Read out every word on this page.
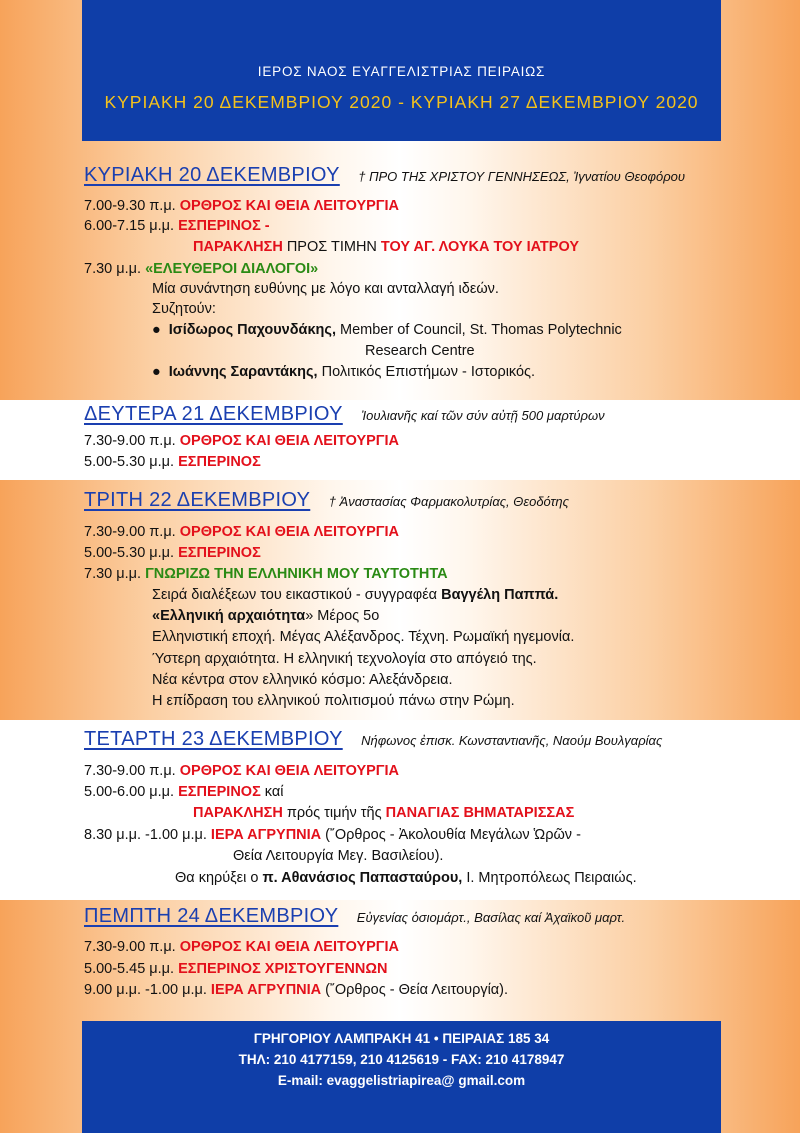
ΙΕΡΟΣ ΝΑΟΣ ΕΥΑΓΓΕΛΙΣΤΡΙΑΣ ΠΕΙΡΑΙΩΣ
ΚΥΡΙΑΚΗ 20 ΔΕΚΕΜΒΡΙΟΥ 2020 - ΚΥΡΙΑΚΗ 27 ΔΕΚΕΜΒΡΙΟΥ 2020
ΚΥΡΙΑΚΗ 20 ΔΕΚΕΜΒΡΙΟΥ † ΠΡΟ ΤΗΣ ΧΡΙΣΤΟΥ ΓΕΝΝΗΣΕΩΣ, Ἰγνατίου Θεοφόρου
7.00-9.30 π.μ. ΟΡΘΡΟΣ ΚΑΙ ΘΕΙΑ ΛΕΙΤΟΥΡΓΙΑ
6.00-7.15 μ.μ. ΕΣΠΕΡΙΝΟΣ -
ΠΑΡΑΚΛΗΣΗ ΠΡΟΣ ΤΙΜΗΝ ΤΟΥ ΑΓ. ΛΟΥΚΑ ΤΟΥ ΙΑΤΡΟΥ
7.30 μ.μ. «ΕΛΕΥΘΕΡΟΙ ΔΙΑΛΟΓΟΙ»
Μία συνάντηση ευθύνης με λόγο και ανταλλαγή ιδεών.
Συζητούν:
● Ισίδωρος Παχουνδάκης, Member of Council, St. Thomas Polytechnic
Research Centre
● Ιωάννης Σαραντάκης, Πολιτικός Επιστήμων - Ιστορικός.
ΔΕΥΤΕΡΑ 21 ΔΕΚΕΜΒΡΙΟΥ Ἰουλιανῆς καί τῶν σύν αὐτῇ 500 μαρτύρων
7.30-9.00 π.μ. ΟΡΘΡΟΣ ΚΑΙ ΘΕΙΑ ΛΕΙΤΟΥΡΓΙΑ
5.00-5.30 μ.μ. ΕΣΠΕΡΙΝΟΣ
ΤΡΙΤΗ 22 ΔΕΚΕΜΒΡΙΟΥ † Ἀναστασίας Φαρμακολυτρίας, Θεοδότης
7.30-9.00 π.μ. ΟΡΘΡΟΣ ΚΑΙ ΘΕΙΑ ΛΕΙΤΟΥΡΓΙΑ
5.00-5.30 μ.μ. ΕΣΠΕΡΙΝΟΣ
7.30 μ.μ. ΓΝΩΡΙΖΩ ΤΗΝ ΕΛΛΗΝΙΚΗ ΜΟΥ ΤΑΥΤΟΤΗΤΑ
Σειρά διαλέξεων του εικαστικού - συγγραφέα Βαγγέλη Παππά.
«Ελληνική αρχαιότητα» Μέρος 5ο
Ελληνιστική εποχή. Μέγας Αλέξανδρος. Τέχνη. Ρωμαϊκή ηγεμονία.
Ύστερη αρχαιότητα. Η ελληνική τεχνολογία στο απόγειό της.
Νέα κέντρα στον ελληνικό κόσμο: Αλεξάνδρεια.
Η επίδραση του ελληνικού πολιτισμού πάνω στην Ρώμη.
ΤΕΤΑΡΤΗ 23 ΔΕΚΕΜΒΡΙΟΥ Νήφωνος ἐπισκ. Κωνσταντιανῆς, Ναούμ Βουλγαρίας
7.30-9.00 π.μ. ΟΡΘΡΟΣ ΚΑΙ ΘΕΙΑ ΛΕΙΤΟΥΡΓΙΑ
5.00-6.00 μ.μ. ΕΣΠΕΡΙΝΟΣ καί
ΠΑΡΑΚΛΗΣΗ πρός τιμήν τῆς ΠΑΝΑΓΙΑΣ ΒΗΜΑΤΑΡΙΣΣΑΣ
8.30 μ.μ. -1.00 μ.μ. ΙΕΡΑ ΑΓΡΥΠΝΙΑ (῎Ορθρος - Ἀκολουθία Μεγάλων Ὡρῶν -
Θεία Λειτουργία Μεγ. Βασιλείου).
Θα κηρύξει ο π. Αθανάσιος Παπασταύρου, Ι. Μητροπόλεως Πειραιώς.
ΠΕΜΠΤΗ 24 ΔΕΚΕΜΒΡΙΟΥ Εὐγενίας ὁσιομάρτ., Βασίλας καί Ἀχαϊκοῦ μαρτ.
7.30-9.00 π.μ. ΟΡΘΡΟΣ ΚΑΙ ΘΕΙΑ ΛΕΙΤΟΥΡΓΙΑ
5.00-5.45 μ.μ. ΕΣΠΕΡΙΝΟΣ ΧΡΙΣΤΟΥΓΕΝΝΩΝ
9.00 μ.μ. -1.00 μ.μ. ΙΕΡΑ ΑΓΡΥΠΝΙΑ (῎Ορθρος - Θεία Λειτουργία).
ΓΡΗΓΟΡΙΟΥ ΛΑΜΠΡΑΚΗ 41 • ΠΕΙΡΑΙΑΣ 185 34
ΤΗΛ: 210 4177159, 210 4125619 - FAX: 210 4178947
E-mail: evaggelistriapirea@ gmail.com
